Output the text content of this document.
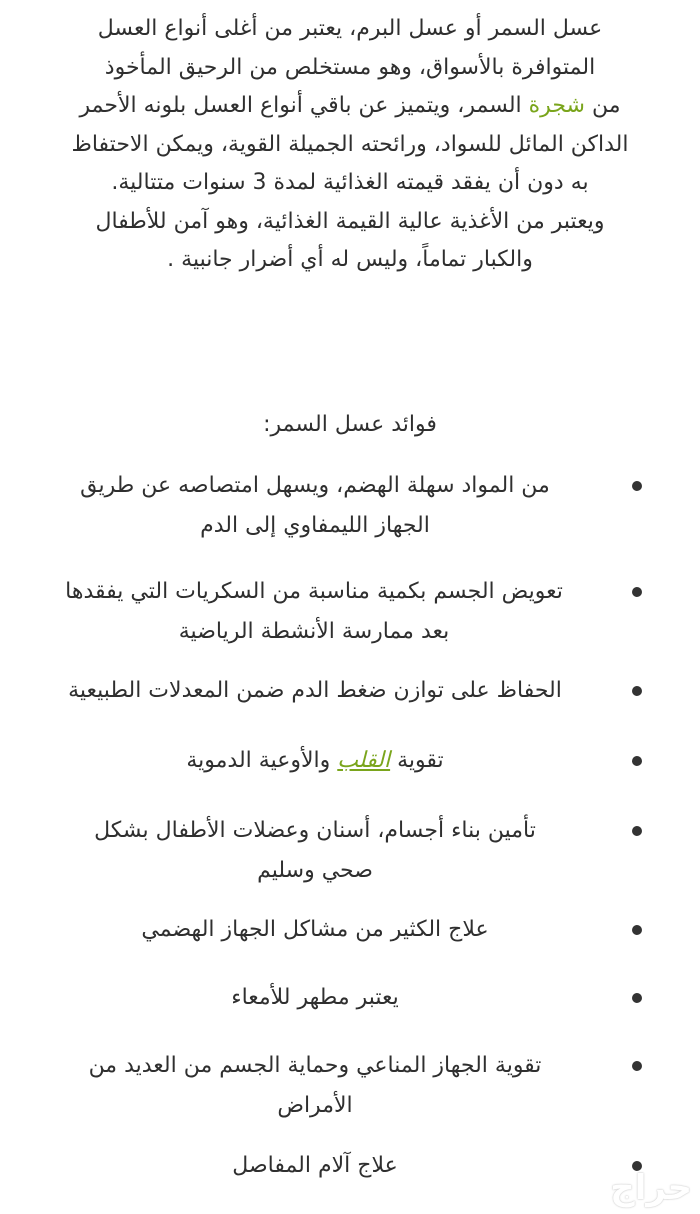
عسل السمر أو عسل البرم، يعتبر من أغلى أنواع العسل
المتوافرة بالأسواق، وهو مستخلص من الرحيق المأخوذ
من شجرة السمر، ويتميز عن باقي أنواع العسل بلونه الأحمر
الداكن المائل للسواد، ورائحته الجميلة القوية، ويمكن الاحتفاظ
به دون أن يفقد قيمته الغذائية لمدة 3 سنوات متتالية.
ويعتبر من الأغذية عالية القيمة الغذائية، وهو آمن للأطفال
والكبار تماماً، وليس له أي أضرار جانبية .
فوائد عسل السمر:
من المواد سهلة الهضم، ويسهل امتصاصه عن طريق
الجهاز الليمفاوي إلى الدم
تعويض الجسم بكمية مناسبة من السكريات التي يفقدها
بعد ممارسة الأنشطة الرياضية
الحفاظ على توازن ضغط الدم ضمن المعدلات الطبيعية
تقوية القلب والأوعية الدموية
تأمين بناء أجسام، أسنان وعضلات الأطفال بشكل
صحي وسليم
علاج الكثير من مشاكل الجهاز الهضمي
يعتبر مطهر للأمعاء
تقوية الجهاز المناعي وحماية الجسم من العديد من
الأمراض
علاج آلام المفاصل
حراج
